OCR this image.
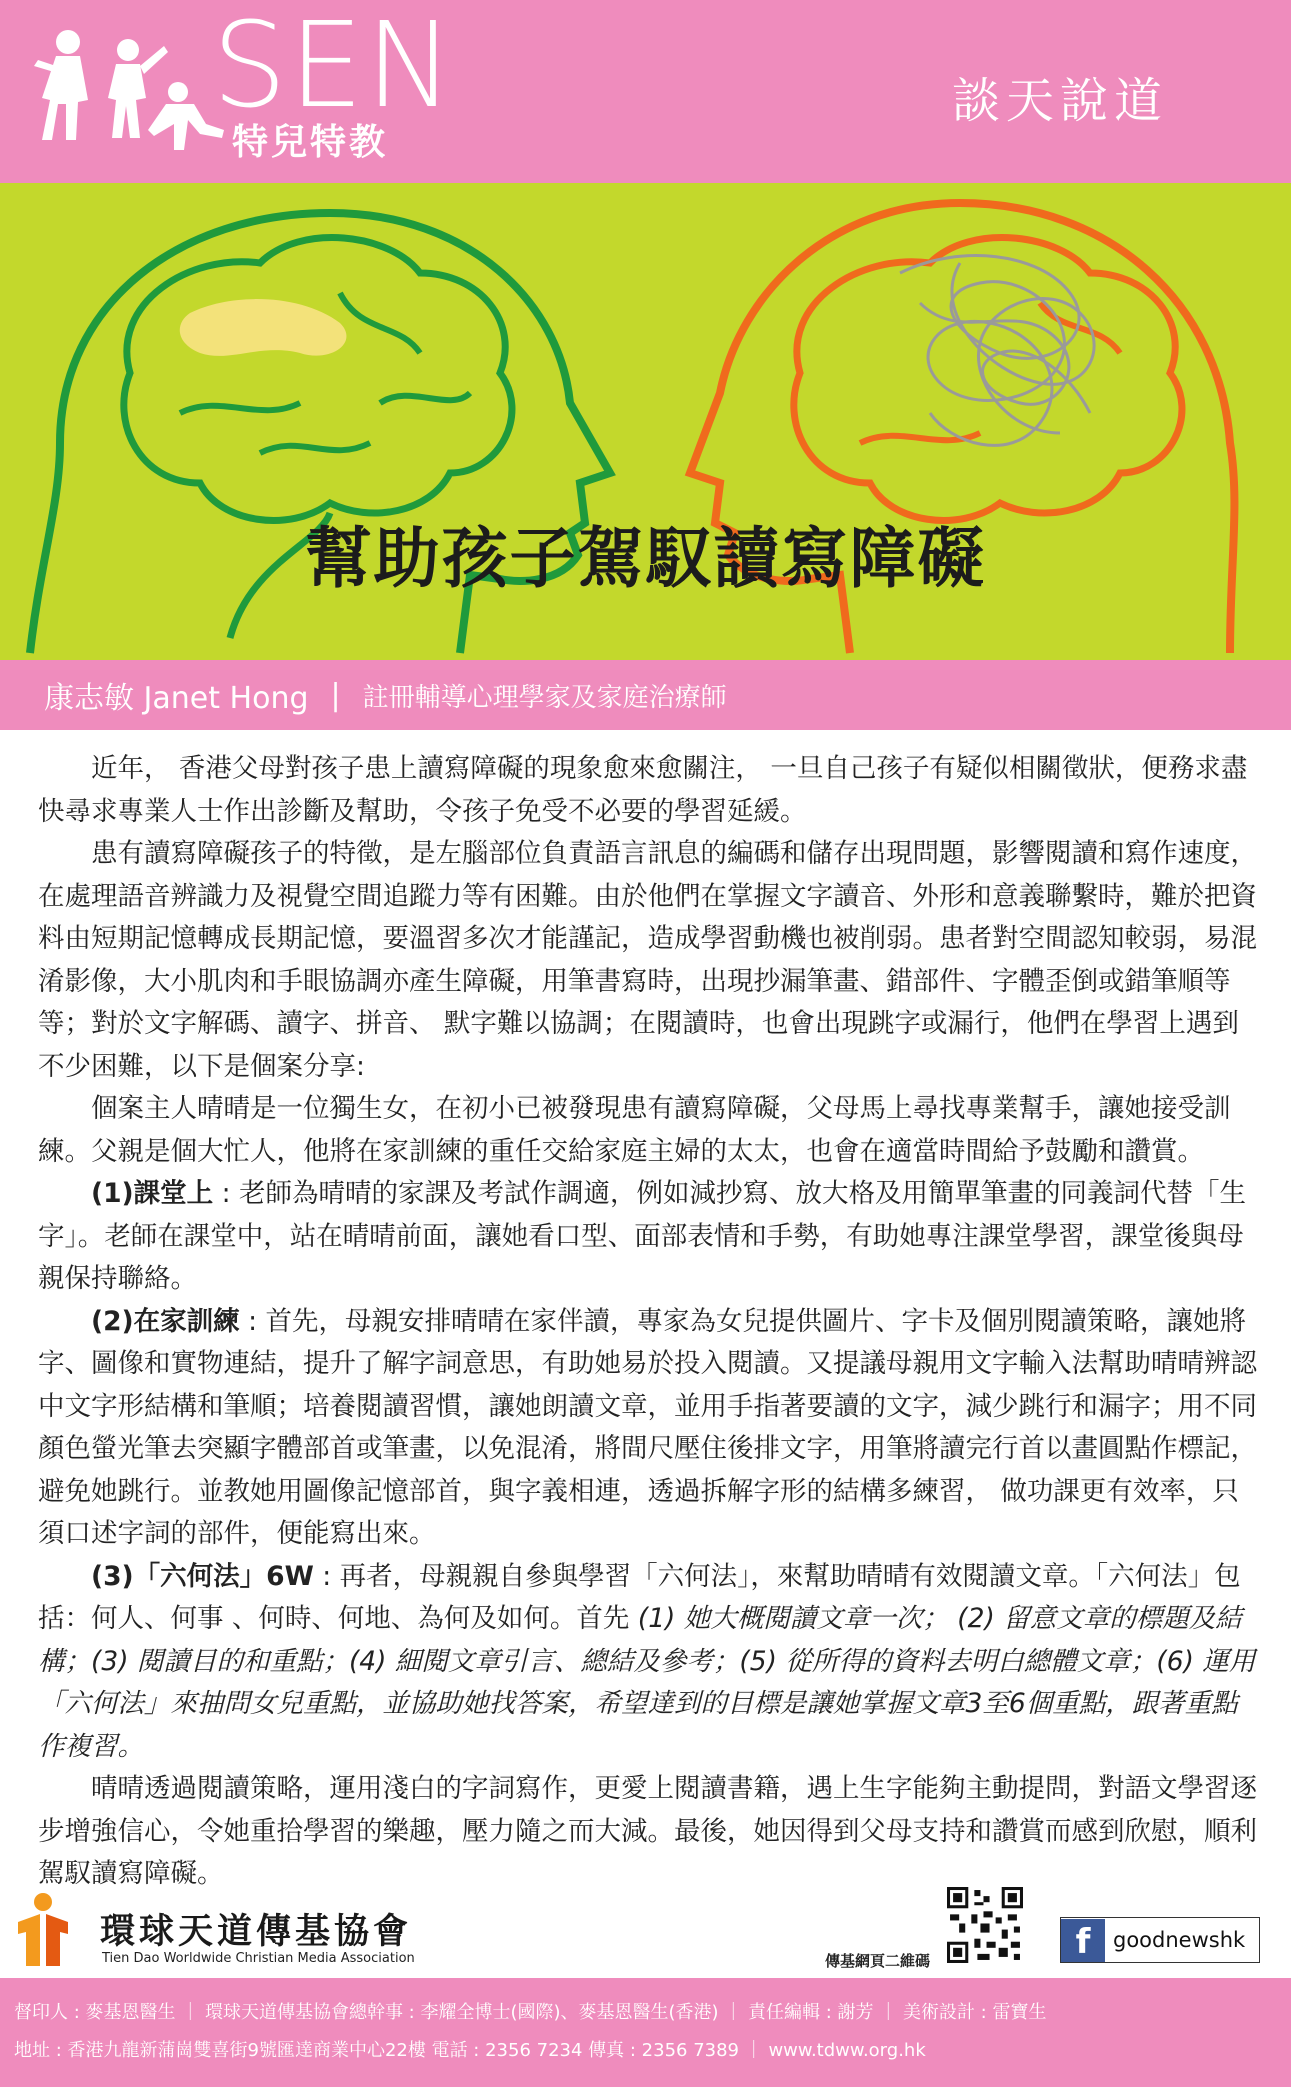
SEN
特兒特教
談天說道
幫助孩子駕馭讀寫障礙
康志敏 Janet Hong | 註冊輔導心理學家及家庭治療師

近年， 香港父母對孩子患上讀寫障礙的現象愈來愈關注， 一旦自己孩子有疑似相關徵狀，便務求盡快尋求專業人士作出診斷及幫助，令孩子免受不必要的學習延緩。

患有讀寫障礙孩子的特徵，是左腦部位負責語言訊息的編碼和儲存出現問題，影響閱讀和寫作速度，在處理語音辨識力及視覺空間追蹤力等有困難。由於他們在掌握文字讀音、外形和意義聯繫時，難於把資料由短期記憶轉成長期記憶，要溫習多次才能謹記，造成學習動機也被削弱。患者對空間認知較弱，易混淆影像，大小肌肉和手眼協調亦產生障礙，用筆書寫時，出現抄漏筆畫、錯部件、字體歪倒或錯筆順等等；對於文字解碼、讀字、拼音、 默字難以協調；在閱讀時，也會出現跳字或漏行，他們在學習上遇到不少困難，以下是個案分享:

個案主人晴晴是一位獨生女，在初小已被發現患有讀寫障礙，父母馬上尋找專業幫手，讓她接受訓練。父親是個大忙人，他將在家訓練的重任交給家庭主婦的太太，也會在適當時間給予鼓勵和讚賞。

(1)課堂上 : 老師為晴晴的家課及考試作調適，例如減抄寫、放大格及用簡單筆畫的同義詞代替「生字」。老師在課堂中，站在晴晴前面，讓她看口型、面部表情和手勢，有助她專注課堂學習，課堂後與母親保持聯絡。

(2)在家訓練 : 首先，母親安排晴晴在家伴讀，專家為女兒提供圖片、字卡及個別閱讀策略，讓她將字、圖像和實物連結，提升了解字詞意思，有助她易於投入閱讀。又提議母親用文字輸入法幫助晴晴辨認中文字形結構和筆順；培養閱讀習慣，讓她朗讀文章，並用手指著要讀的文字，減少跳行和漏字；用不同顏色螢光筆去突顯字體部首或筆畫，以免混淆，將間尺壓住後排文字，用筆將讀完行首以畫圓點作標記，避免她跳行。並教她用圖像記憶部首，與字義相連，透過拆解字形的結構多練習， 做功課更有效率，只須口述字詞的部件，便能寫出來。

(3)「六何法」6W : 再者，母親親自參與學習「六何法」，來幫助晴晴有效閱讀文章。「六何法」包括：何人、何事 、何時、何地、為何及如何。首先 (1) 她大概閱讀文章一次； (2) 留意文章的標題及結構；(3) 閱讀目的和重點；(4) 細閱文章引言、總結及參考；(5) 從所得的資料去明白總體文章；(6) 運用「六何法」來抽問女兒重點，並協助她找答案，希望達到的目標是讓她掌握文章3至6個重點，跟著重點作複習。

晴晴透過閱讀策略，運用淺白的字詞寫作，更愛上閱讀書籍，遇上生字能夠主動提問，對語文學習逐步增強信心，令她重拾學習的樂趣，壓力隨之而大減。最後，她因得到父母支持和讚賞而感到欣慰，順利駕馭讀寫障礙。

環球天道傳基協會
Tien Dao Worldwide Christian Media Association	傳基網頁二維碼	f	goodnewshk
督印人 : 麥基恩醫生 ｜ 環球天道傳基協會總幹事 : 李耀全博士(國際)、麥基恩醫生(香港) ｜ 責任編輯 : 謝芳 ｜ 美術設計 : 雷寶生
地址 : 香港九龍新蒲崗雙喜街9號匯達商業中心22樓 電話 : 2356 7234 傳真 : 2356 7389 ｜ www.tdww.org.hk
